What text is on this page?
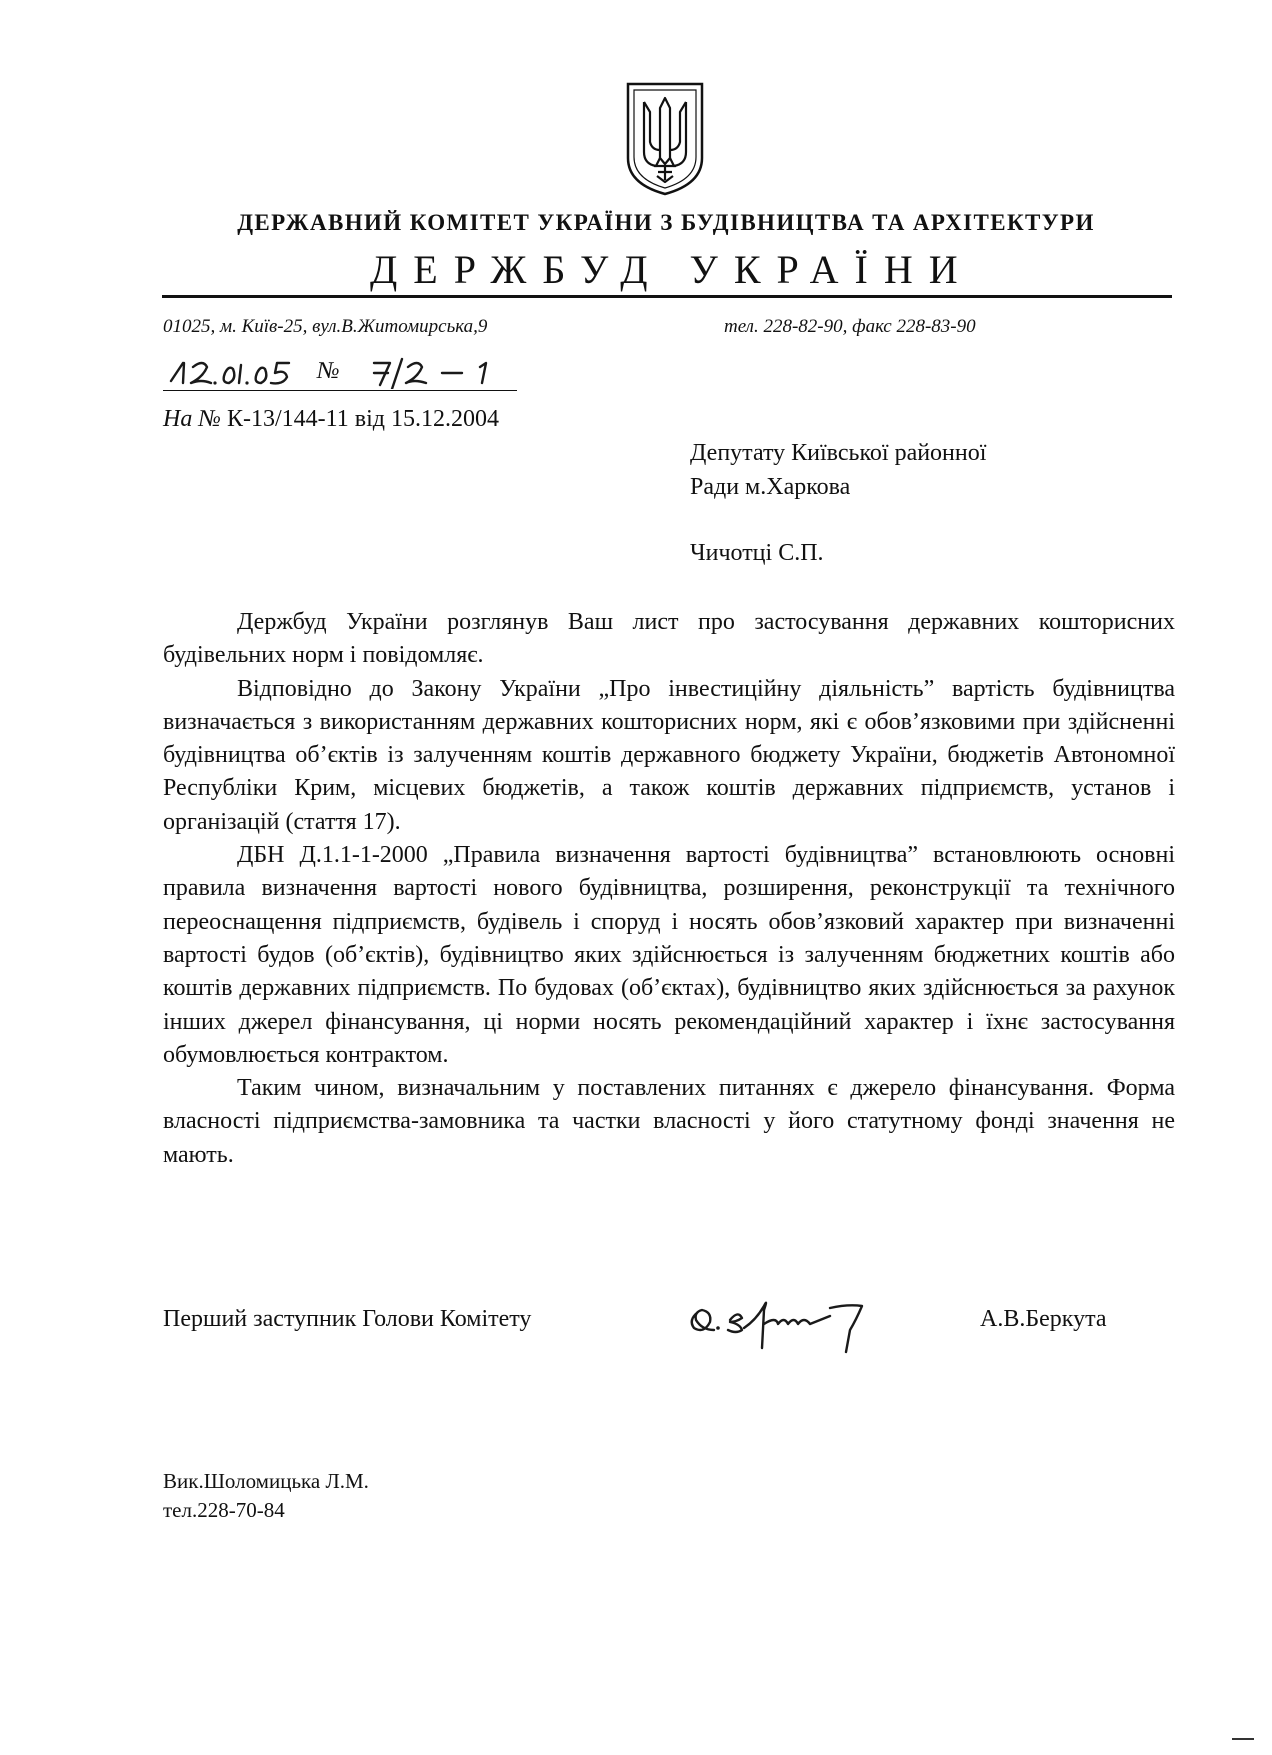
ДЕРЖАВНИЙ КОМІТЕТ УКРАЇНИ З БУДІВНИЦТВА ТА АРХІТЕКТУРИ
ДЕРЖБУД УКРАЇНИ
01025, м. Київ-25, вул.В.Житомирська,9	тел. 228-82-90, факс 228-83-90
№
На № К-13/144-11 від 15.12.2004
Депутату Київської районної
Ради м.Харкова
Чичотці С.П.

Держбуд України розглянув Ваш лист про застосування державних кошторисних будівельних норм і повідомляє.

Відповідно до Закону України „Про інвестиційну діяльність” вартість будівництва визначається з використанням державних кошторисних норм, які є обов’язковими при здійсненні будівництва об’єктів із залученням коштів державного бюджету України, бюджетів Автономної Республіки Крим, місцевих бюджетів, а також коштів державних підприємств, установ і організацій (стаття 17).

ДБН Д.1.1-1-2000 „Правила визначення вартості будівництва” встановлюють основні правила визначення вартості нового будівництва, розширення, реконструкції та технічного переоснащення підприємств, будівель і споруд і носять обов’язковий характер при визначенні вартості будов (об’єктів), будівництво яких здійснюється із залученням бюджетних коштів або коштів державних підприємств. По будовах (об’єктах), будівництво яких здійснюється за рахунок інших джерел фінансування, ці норми носять рекомендаційний характер і їхнє застосування обумовлюється контрактом.

Таким чином, визначальним у поставлених питаннях є джерело фінансування. Форма власності підприємства-замовника та частки власності у його статутному фонді значення не мають.

Перший заступник Голови Комітету	А.В.Беркута
Вик.Шоломицька Л.М.
тел.228-70-84
